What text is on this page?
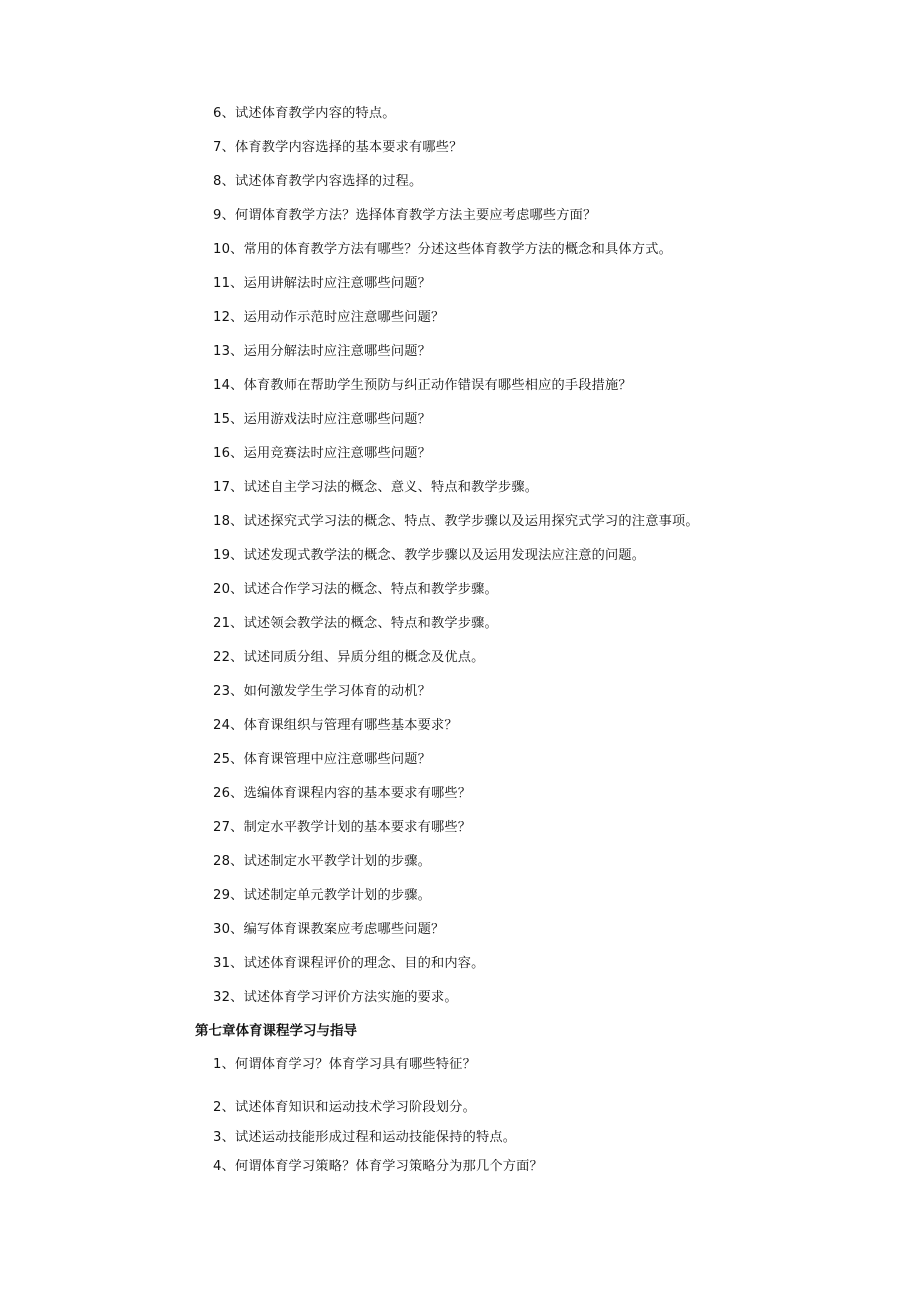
6、试述体育教学内容的特点。
7、体育教学内容选择的基本要求有哪些？
8、试述体育教学内容选择的过程。
9、何谓体育教学方法？选择体育教学方法主要应考虑哪些方面？
10、常用的体育教学方法有哪些？分述这些体育教学方法的概念和具体方式。
11、运用讲解法时应注意哪些问题？
12、运用动作示范时应注意哪些问题？
13、运用分解法时应注意哪些问题？
14、体育教师在帮助学生预防与纠正动作错误有哪些相应的手段措施？
15、运用游戏法时应注意哪些问题？
16、运用竞赛法时应注意哪些问题？
17、试述自主学习法的概念、意义、特点和教学步骤。
18、试述探究式学习法的概念、特点、教学步骤以及运用探究式学习的注意事项。
19、试述发现式教学法的概念、教学步骤以及运用发现法应注意的问题。
20、试述合作学习法的概念、特点和教学步骤。
21、试述领会教学法的概念、特点和教学步骤。
22、试述同质分组、异质分组的概念及优点。
23、如何激发学生学习体育的动机？
24、体育课组织与管理有哪些基本要求？
25、体育课管理中应注意哪些问题？
26、选编体育课程内容的基本要求有哪些？
27、制定水平教学计划的基本要求有哪些？
28、试述制定水平教学计划的步骤。
29、试述制定单元教学计划的步骤。
30、编写体育课教案应考虑哪些问题？
31、试述体育课程评价的理念、目的和内容。
32、试述体育学习评价方法实施的要求。
第七章体育课程学习与指导
1、何谓体育学习？体育学习具有哪些特征？
2、试述体育知识和运动技术学习阶段划分。
3、试述运动技能形成过程和运动技能保持的特点。
4、何谓体育学习策略？体育学习策略分为那几个方面？
